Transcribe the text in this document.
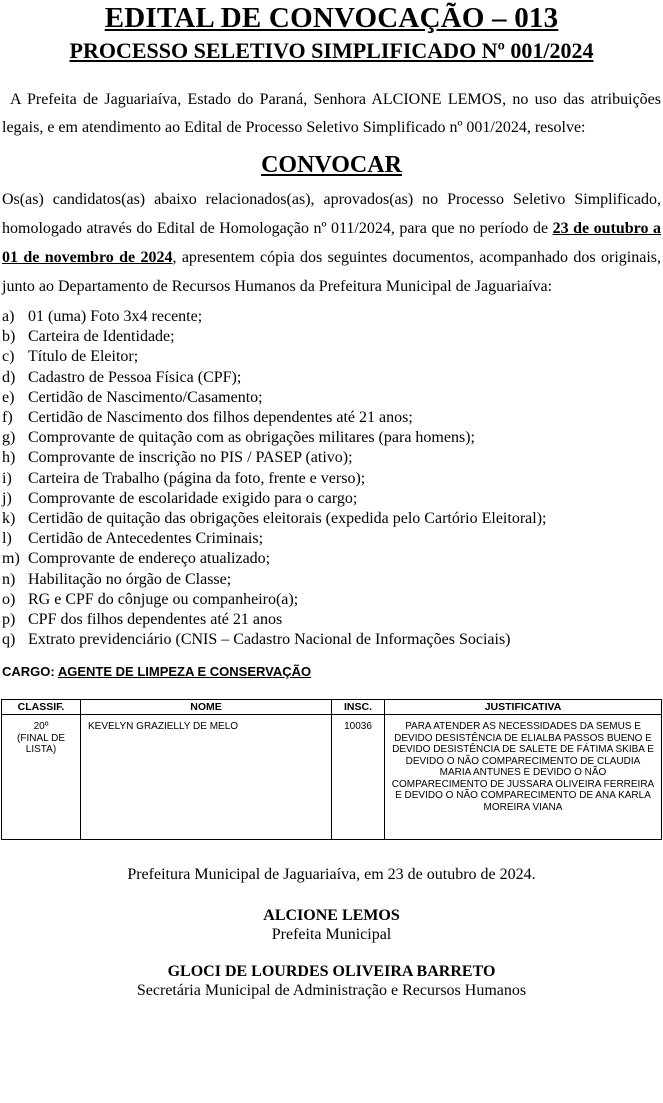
EDITAL DE CONVOCAÇÃO – 013
PROCESSO SELETIVO SIMPLIFICADO Nº 001/2024

A Prefeita de Jaguariaíva, Estado do Paraná, Senhora ALCIONE LEMOS, no uso das atribuições legais, e em atendimento ao Edital de Processo Seletivo Simplificado nº 001/2024, resolve:

CONVOCAR

Os(as) candidatos(as) abaixo relacionados(as), aprovados(as) no Processo Seletivo Simplificado, homologado através do Edital de Homologação nº 011/2024, para que no período de 23 de outubro a 01 de novembro de 2024, apresentem cópia dos seguintes documentos, acompanhado dos originais, junto ao Departamento de Recursos Humanos da Prefeitura Municipal de Jaguariaíva:

a) 01 (uma) Foto 3x4 recente;
b) Carteira de Identidade;
c) Título de Eleitor;
d) Cadastro de Pessoa Física (CPF);
e) Certidão de Nascimento/Casamento;
f) Certidão de Nascimento dos filhos dependentes até 21 anos;
g) Comprovante de quitação com as obrigações militares (para homens);
h) Comprovante de inscrição no PIS / PASEP (ativo);
i)	Carteira de Trabalho (página da foto, frente e verso);
j)	Comprovante de escolaridade exigido para o cargo;
k) Certidão de quitação das obrigações eleitorais (expedida pelo Cartório Eleitoral);
l)	Certidão de Antecedentes Criminais;
m) Comprovante de endereço atualizado;
n) Habilitação no órgão de Classe;
o) RG e CPF do cônjuge ou companheiro(a);
p) CPF dos filhos dependentes até 21 anos
q) Extrato previdenciário (CNIS – Cadastro Nacional de Informações Sociais)
CARGO: AGENTE DE LIMPEZA E CONSERVAÇÃO
CLASSIF.	NOME	INSC.	JUSTIFICATIVA

20º
(FINAL DE LISTA)	KEVELYN GRAZIELLY DE MELO	10036	PARA ATENDER AS NECESSIDADES DA SEMUS E DEVIDO DESISTÊNCIA DE ELIALBA PASSOS BUENO E DEVIDO DESISTÊNCIA DE SALETE DE FÁTIMA SKIBA E DEVIDO O NÃO COMPARECIMENTO DE CLAUDIA MARIA ANTUNES E DEVIDO O NÃO COMPARECIMENTO DE JUSSARA OLIVEIRA FERREIRA E DEVIDO O NÃO COMPARECIMENTO DE ANA KARLA MOREIRA VIANA
Prefeitura Municipal de Jaguariaíva, em 23 de outubro de 2024.
ALCIONE LEMOS
Prefeita Municipal
GLOCI DE LOURDES OLIVEIRA BARRETO
Secretária Municipal de Administração e Recursos Humanos
